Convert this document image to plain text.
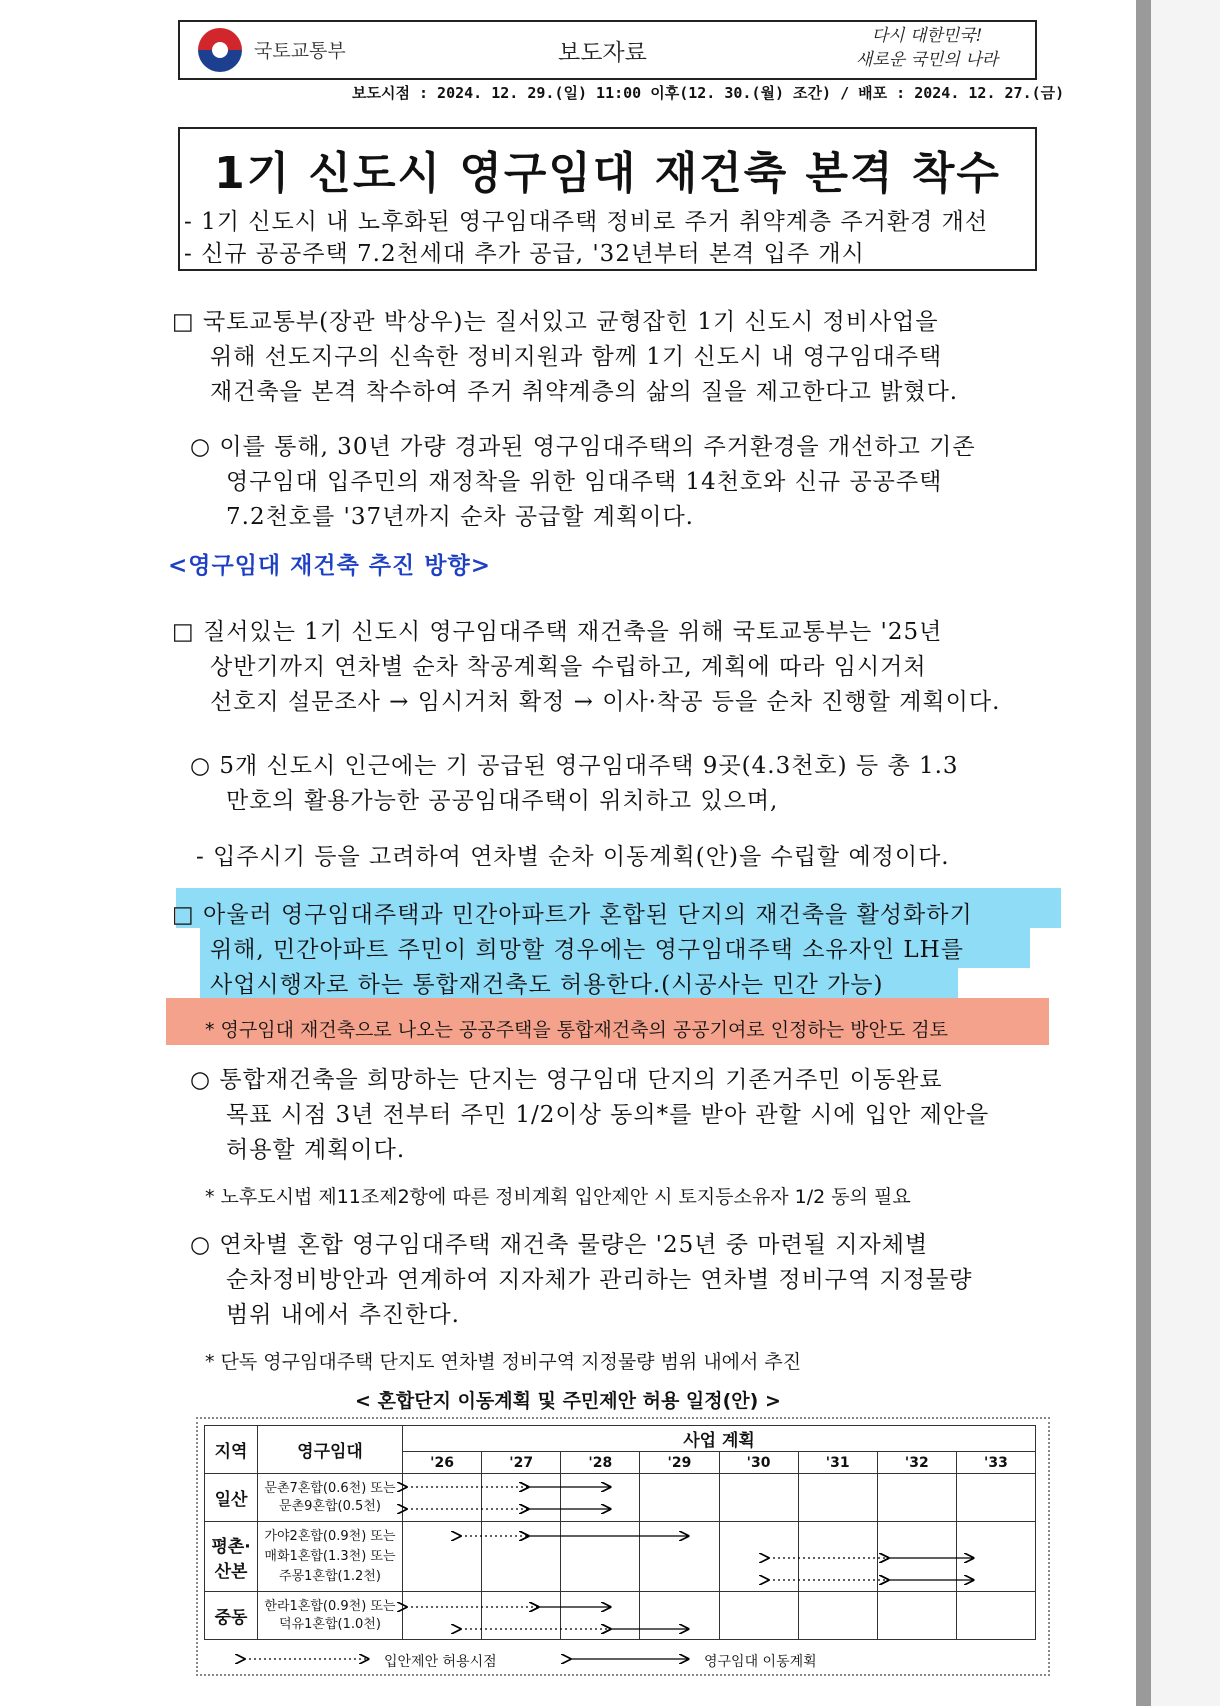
국토교통부	보도자료
다시 대한민국!
새로운 국민의 나라
보도시점 : 2024. 12. 29.(일) 11:00 이후(12. 30.(월) 조간) / 배포 : 2024. 12. 27.(금)
1기 신도시 영구임대 재건축 본격 착수
- 1기 신도시 내 노후화된 영구임대주택 정비로 주거 취약계층 주거환경 개선
- 신규 공공주택 7.2천세대 추가 공급, '32년부터 본격 입주 개시
□ 국토교통부(장관 박상우)는 질서있고 균형잡힌 1기 신도시 정비사업을
위해 선도지구의 신속한 정비지원과 함께 1기 신도시 내 영구임대주택
재건축을 본격 착수하여 주거 취약계층의 삶의 질을 제고한다고 밝혔다.
○ 이를 통해, 30년 가량 경과된 영구임대주택의 주거환경을 개선하고 기존
영구임대 입주민의 재정착을 위한 임대주택 14천호와 신규 공공주택
7.2천호를 '37년까지 순차 공급할 계획이다.
<영구임대 재건축 추진 방향>
□ 질서있는 1기 신도시 영구임대주택 재건축을 위해 국토교통부는 '25년
상반기까지 연차별 순차 착공계획을 수립하고, 계획에 따라 임시거처
선호지 설문조사 → 임시거처 확정 → 이사·착공 등을 순차 진행할 계획이다.
○ 5개 신도시 인근에는 기 공급된 영구임대주택 9곳(4.3천호) 등 총 1.3
만호의 활용가능한 공공임대주택이 위치하고 있으며,
- 입주시기 등을 고려하여 연차별 순차 이동계획(안)을 수립할 예정이다.
□ 아울러 영구임대주택과 민간아파트가 혼합된 단지의 재건축을 활성화하기
위해, 민간아파트 주민이 희망할 경우에는 영구임대주택 소유자인 LH를
사업시행자로 하는 통합재건축도 허용한다.(시공사는 민간 가능)
* 영구임대 재건축으로 나오는 공공주택을 통합재건축의 공공기여로 인정하는 방안도 검토
○ 통합재건축을 희망하는 단지는 영구임대 단지의 기존거주민 이동완료
목표 시점 3년 전부터 주민 1/2이상 동의*를 받아 관할 시에 입안 제안을
허용할 계획이다.
* 노후도시법 제11조제2항에 따른 정비계획 입안제안 시 토지등소유자 1/2 동의 필요
○ 연차별 혼합 영구임대주택 재건축 물량은 '25년 중 마련될 지자체별
순차정비방안과 연계하여 지자체가 관리하는 연차별 정비구역 지정물량
범위 내에서 추진한다.
* 단독 영구임대주택 단지도 연차별 정비구역 지정물량 범위 내에서 추진
< 혼합단지 이동계획 및 주민제안 허용 일정(안) >
지역	영구임대	사업 계획							
		'26	'27	'28	'29	'30	'31	'32	'33
일산	문촌7혼합(0.6천) 또는
문촌9혼합(0.5천)								

평촌·산본	가야2혼합(0.9천) 또는
매화1혼합(1.3천) 또는
주몽1혼합(1.2천)								

중동	한라1혼합(0.9천) 또는
덕유1혼합(1.0천)								

입안제안 허용시점	영구임대 이동계획
